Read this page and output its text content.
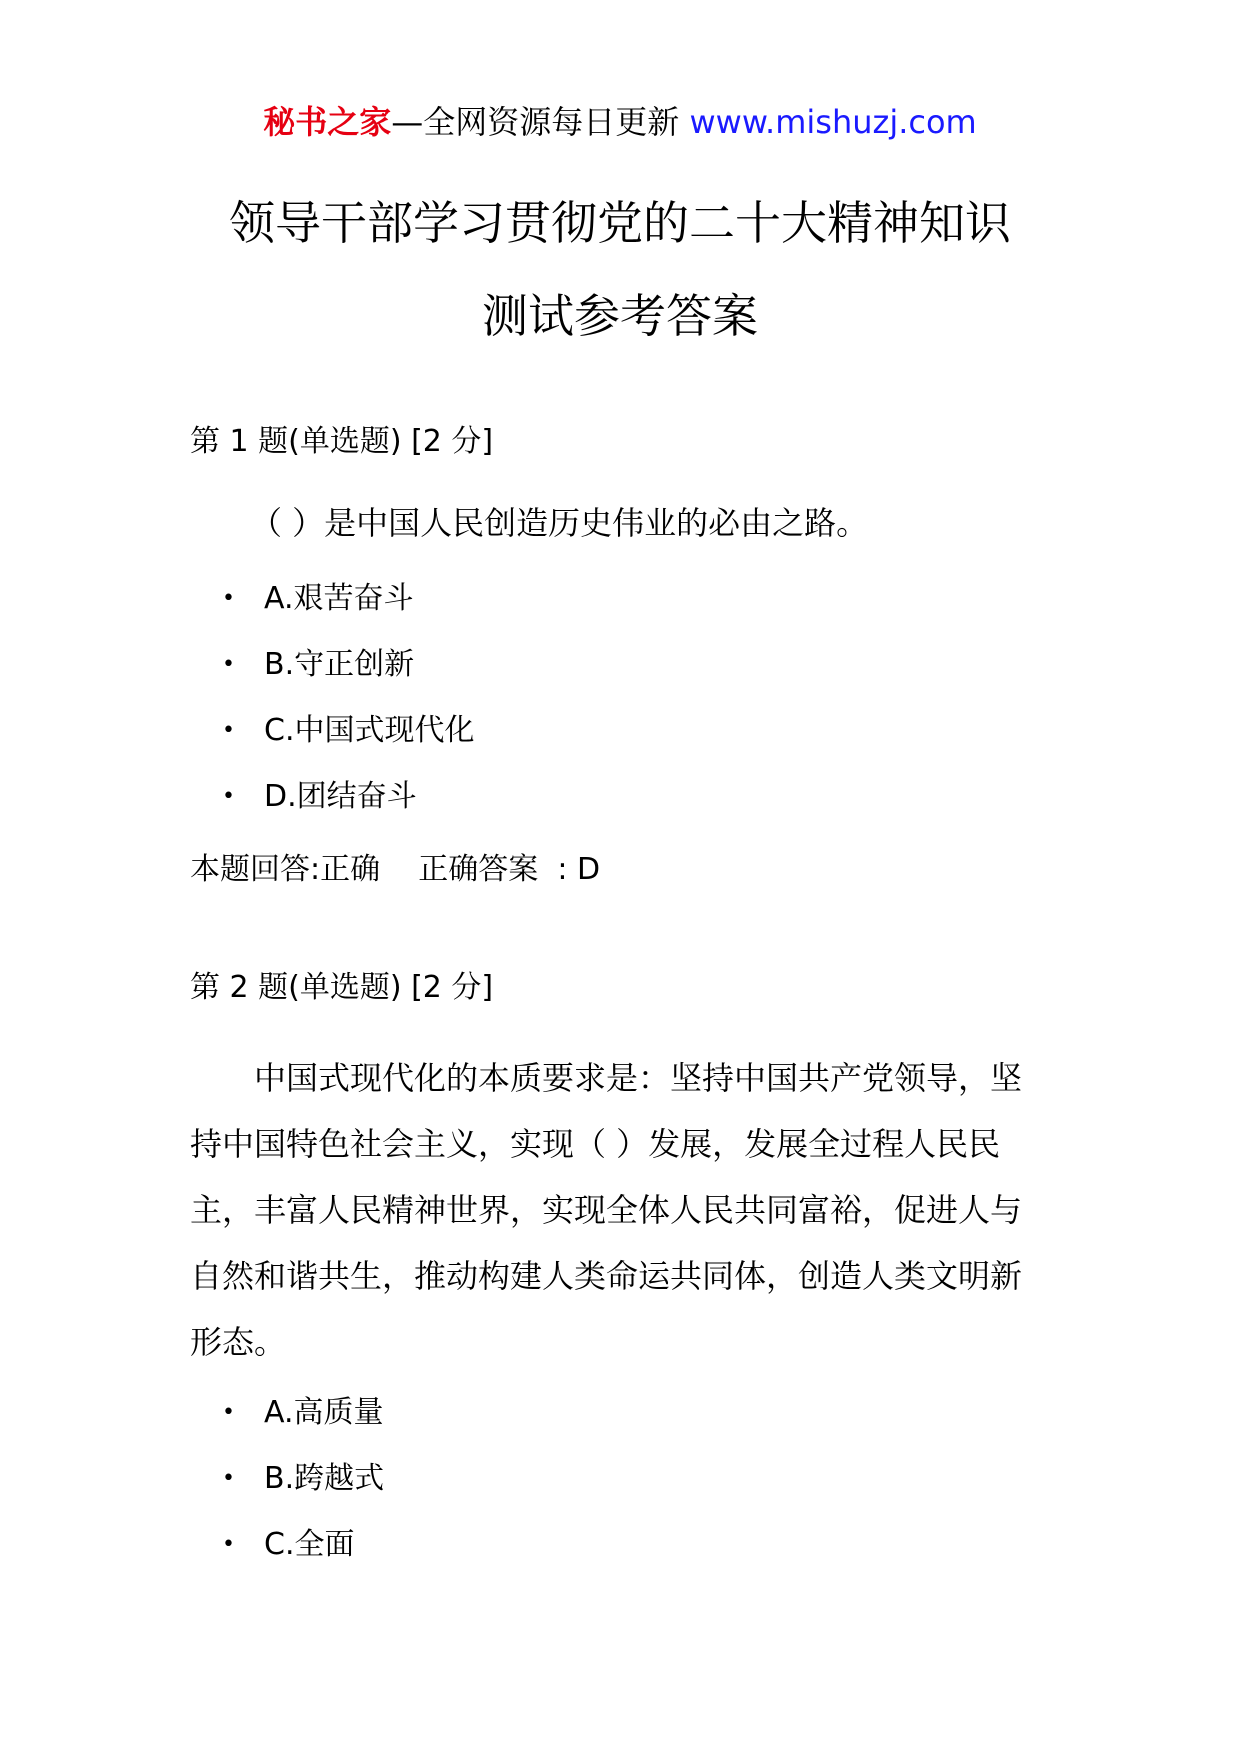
秘书之家—全网资源每日更新 www.mishuzj.com
领导干部学习贯彻党的二十大精神知识
测试参考答案
第 1 题(单选题) [2 分]
（ ）是中国人民创造历史伟业的必由之路。
• A.艰苦奋斗
• B.守正创新
• C.中国式现代化
• D.团结奋斗
本题回答:正确    正确答案  : D
第 2 题(单选题) [2 分]
中国式现代化的本质要求是：坚持中国共产党领导，坚持中国特色社会主义，实现（ ）发展，发展全过程人民民主，丰富人民精神世界，实现全体人民共同富裕，促进人与自然和谐共生，推动构建人类命运共同体，创造人类文明新形态。
• A.高质量
• B.跨越式
• C.全面
